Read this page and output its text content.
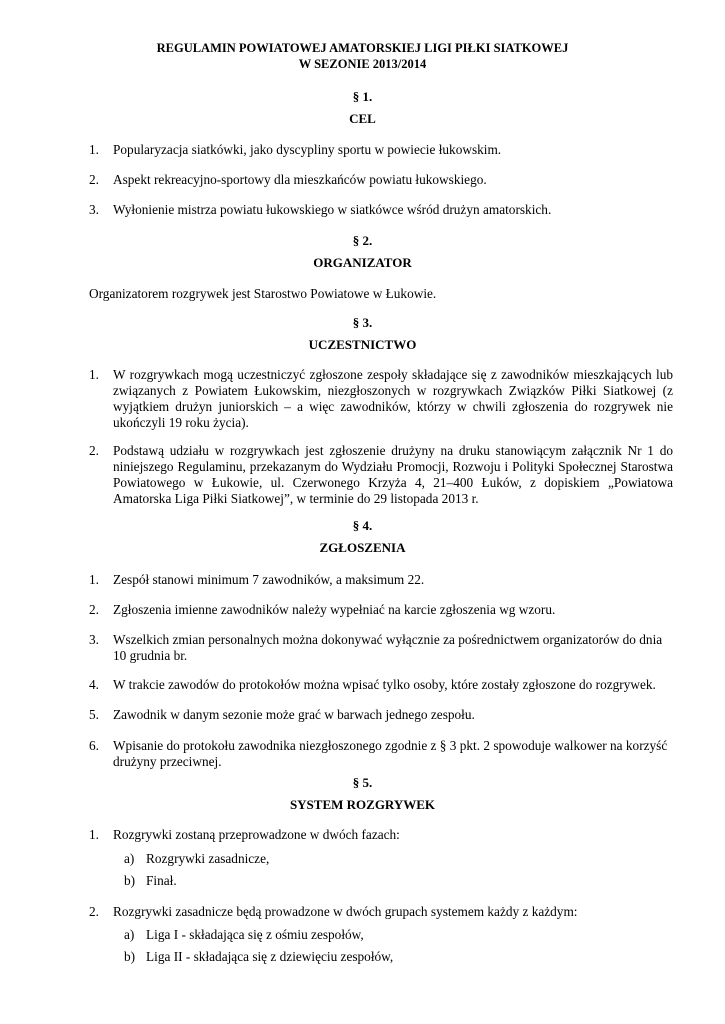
REGULAMIN POWIATOWEJ AMATORSKIEJ LIGI PIŁKI SIATKOWEJ
W SEZONIE 2013/2014
§ 1.
CEL
1. Popularyzacja siatkówki, jako dyscypliny sportu w powiecie łukowskim.
2. Aspekt rekreacyjno-sportowy dla mieszkańców powiatu łukowskiego.
3. Wyłonienie mistrza powiatu łukowskiego w siatkówce wśród drużyn amatorskich.
§ 2.
ORGANIZATOR
Organizatorem rozgrywek jest Starostwo Powiatowe w Łukowie.
§ 3.
UCZESTNICTWO
1. W rozgrywkach mogą uczestniczyć zgłoszone zespoły składające się z zawodników mieszkających lub związanych z Powiatem Łukowskim, niezgłoszonych w rozgrywkach Związków Piłki Siatkowej (z wyjątkiem drużyn juniorskich – a więc zawodników, którzy w chwili zgłoszenia do rozgrywek nie ukończyli 19 roku życia).
2. Podstawą udziału w rozgrywkach jest zgłoszenie drużyny na druku stanowiącym załącznik Nr 1 do niniejszego Regulaminu, przekazanym do Wydziału Promocji, Rozwoju i Polityki Społecznej Starostwa Powiatowego w Łukowie, ul. Czerwonego Krzyża 4, 21–400 Łuków, z dopiskiem „Powiatowa Amatorska Liga Piłki Siatkowej”, w terminie do 29 listopada 2013 r.
§ 4.
ZGŁOSZENIA
1. Zespół stanowi minimum 7 zawodników, a maksimum 22.
2. Zgłoszenia imienne zawodników należy wypełniać na karcie zgłoszenia wg wzoru.
3. Wszelkich zmian personalnych można dokonywać wyłącznie za pośrednictwem organizatorów do dnia 10 grudnia br.
4. W trakcie zawodów do protokołów można wpisać tylko osoby, które zostały zgłoszone do rozgrywek.
5. Zawodnik w danym sezonie może grać w barwach jednego zespołu.
6. Wpisanie do protokołu zawodnika niezgłoszonego zgodnie z § 3 pkt. 2 spowoduje walkower na korzyść drużyny przeciwnej.
§ 5.
SYSTEM ROZGRYWEK
1. Rozgrywki zostaną przeprowadzone w dwóch fazach:
a) Rozgrywki zasadnicze,
b) Finał.
2. Rozgrywki zasadnicze będą prowadzone w dwóch grupach systemem każdy z każdym:
a) Liga I - składająca się z ośmiu zespołów,
b) Liga II - składająca się z dziewięciu zespołów,
